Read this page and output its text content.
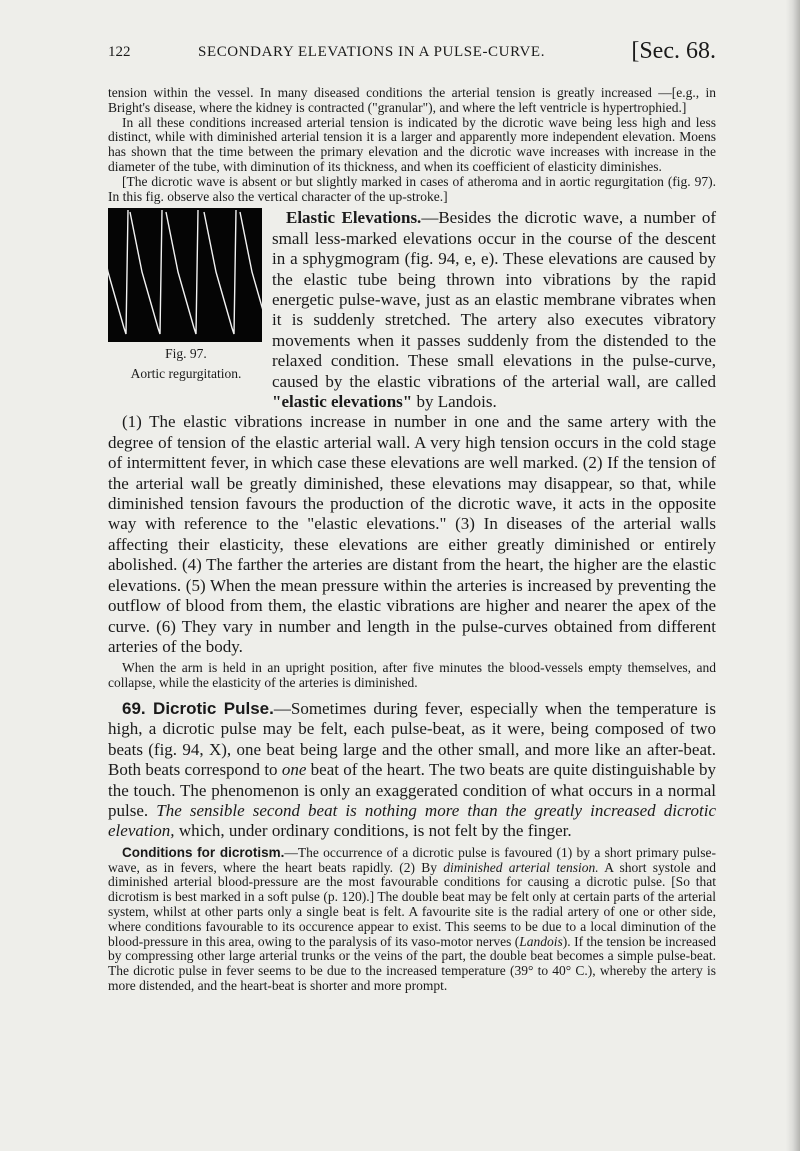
122	SECONDARY ELEVATIONS IN A PULSE-CURVE.	[Sec. 68.

tension within the vessel. In many diseased conditions the arterial tension is greatly increased —[e.g., in Bright's disease, where the kidney is contracted ("granular"), and where the left ventricle is hypertrophied.]

In all these conditions increased arterial tension is indicated by the dicrotic wave being less high and less distinct, while with diminished arterial tension it is a larger and apparently more independent elevation. Moens has shown that the time between the primary elevation and the dicrotic wave increases with increase in the diameter of the tube, with diminution of its thickness, and when its coefficient of elasticity diminishes.

[The dicrotic wave is absent or but slightly marked in cases of atheroma and in aortic regurgitation (fig. 97). In this fig. observe also the vertical character of the up-stroke.]

Fig. 97.
Aortic regurgitation.

Elastic Elevations.—Besides the dicrotic wave, a number of small less-marked elevations occur in the course of the descent in a sphygmogram (fig. 94, e, e). These elevations are caused by the elastic tube being thrown into vibrations by the rapid energetic pulse-wave, just as an elastic membrane vibrates when it is suddenly stretched. The artery also executes vibratory movements when it passes suddenly from the distended to the relaxed condition. These small elevations in the pulse-curve, caused by the elastic vibrations of the arterial wall, are called "elastic elevations" by Landois.

(1) The elastic vibrations increase in number in one and the same artery with the degree of tension of the elastic arterial wall. A very high tension occurs in the cold stage of intermittent fever, in which case these elevations are well marked. (2) If the tension of the arterial wall be greatly diminished, these elevations may disappear, so that, while diminished tension favours the production of the dicrotic wave, it acts in the opposite way with reference to the "elastic elevations." (3) In diseases of the arterial walls affecting their elasticity, these elevations are either greatly diminished or entirely abolished. (4) The farther the arteries are distant from the heart, the higher are the elastic elevations. (5) When the mean pressure within the arteries is increased by preventing the outflow of blood from them, the elastic vibrations are higher and nearer the apex of the curve. (6) They vary in number and length in the pulse-curves obtained from different arteries of the body.

When the arm is held in an upright position, after five minutes the blood-vessels empty themselves, and collapse, while the elasticity of the arteries is diminished.

69. Dicrotic Pulse.—Sometimes during fever, especially when the temperature is high, a dicrotic pulse may be felt, each pulse-beat, as it were, being composed of two beats (fig. 94, X), one beat being large and the other small, and more like an after-beat. Both beats correspond to one beat of the heart. The two beats are quite distinguishable by the touch. The phenomenon is only an exaggerated condition of what occurs in a normal pulse. The sensible second beat is nothing more than the greatly increased dicrotic elevation, which, under ordinary conditions, is not felt by the finger.

Conditions for dicrotism.—The occurrence of a dicrotic pulse is favoured (1) by a short primary pulse-wave, as in fevers, where the heart beats rapidly. (2) By diminished arterial tension. A short systole and diminished arterial blood-pressure are the most favourable conditions for causing a dicrotic pulse. [So that dicrotism is best marked in a soft pulse (p. 120).] The double beat may be felt only at certain parts of the arterial system, whilst at other parts only a single beat is felt. A favourite site is the radial artery of one or other side, where conditions favourable to its occurence appear to exist. This seems to be due to a local diminution of the blood-pressure in this area, owing to the paralysis of its vaso-motor nerves (Landois). If the tension be increased by compressing other large arterial trunks or the veins of the part, the double beat becomes a simple pulse-beat. The dicrotic pulse in fever seems to be due to the increased temperature (39° to 40° C.), whereby the artery is more distended, and the heart-beat is shorter and more prompt.
